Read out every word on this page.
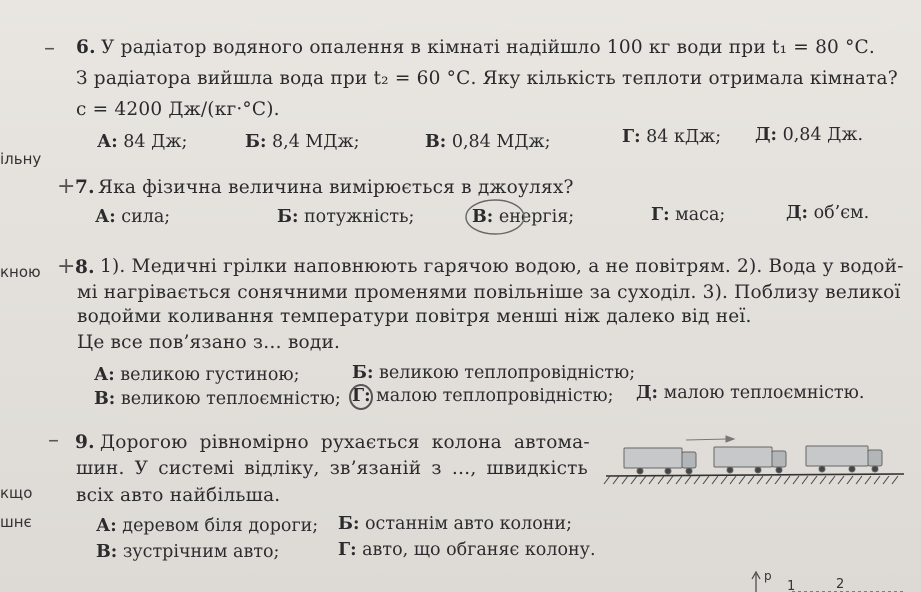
ільну
кною
кщо
шнє
– 6. У радіатор водяного опалення в кімнаті надійшло 100 кг води при t₁ = 80 °С.
З радіатора вийшла вода при t₂ = 60 °С. Яку кількість теплоти отримала кімната?
c = 4200 Дж/(кг·°С).
А: 84 Дж;	Б: 8,4 МДж;	В: 0,84 МДж;	Г: 84 кДж; Д: 0,84 Дж.
+ 7. Яка фізична величина вимірюється в джоулях?
А: сила;	Б: потужність;	В: енергія;	Г: маса;	Д: об’єм.
+ 8. 1). Медичні грілки наповнюють гарячою водою, а не повітрям. 2). Вода у водой-
мі нагрівається сонячними променями повільніше за суходіл. 3). Поблизу великої
водойми коливання температури повітря менші ніж далеко від неї.
Це все пов’язано з… води.
А: великою густиною;	Б: великою теплопровідністю;
В: великою теплоємністю; Г: малою теплопровідністю; Д: малою теплоємністю.
– 9. Дорогою рівномірно рухається колона автома-
шин. У системі відліку, зв’язаній з …, швидкість
всіх авто найбільша.
А: деревом біля дороги; Б: останнім авто колони;
В: зустрічним авто;	Г: авто, що обганяє колону.
p
1	2
